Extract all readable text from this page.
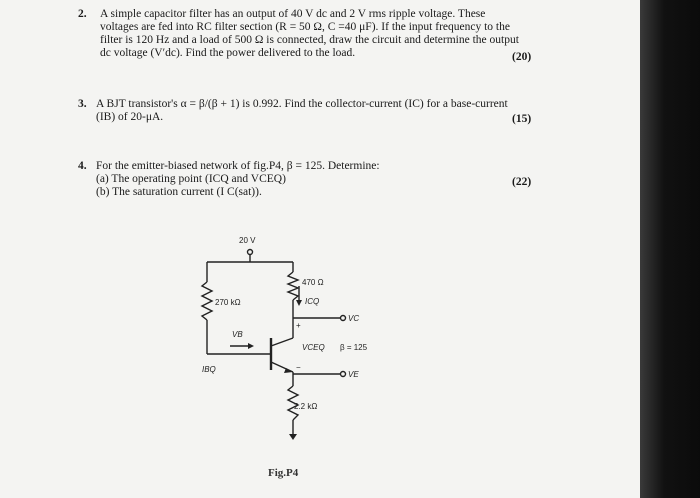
2. A simple capacitor filter has an output of 40 V dc and 2 V rms ripple voltage. These
voltages are fed into RC filter section (R = 50 Ω, C =40 μF). If the input frequency to the
filter is 120 Hz and a load of 500 Ω is connected, draw the circuit and determine the output
dc voltage (V′dc). Find the power delivered to the load.	(20)
3. A BJT transistor's α = β/(β + 1) is 0.992. Find the collector-current (IC) for a base-current
(IB) of 20-μA.	(15)
4. For the emitter-biased network of fig.P4, β = 125. Determine:
(a) The operating point (ICQ and VCEQ)
(b) The saturation current (I C(sat)).
(22)
20 V
270 kΩ
470 Ω
ICQ
VC
+
VB
VCEQ β = 125
IBQ	−
VE
2.2 kΩ
Fig.P4
